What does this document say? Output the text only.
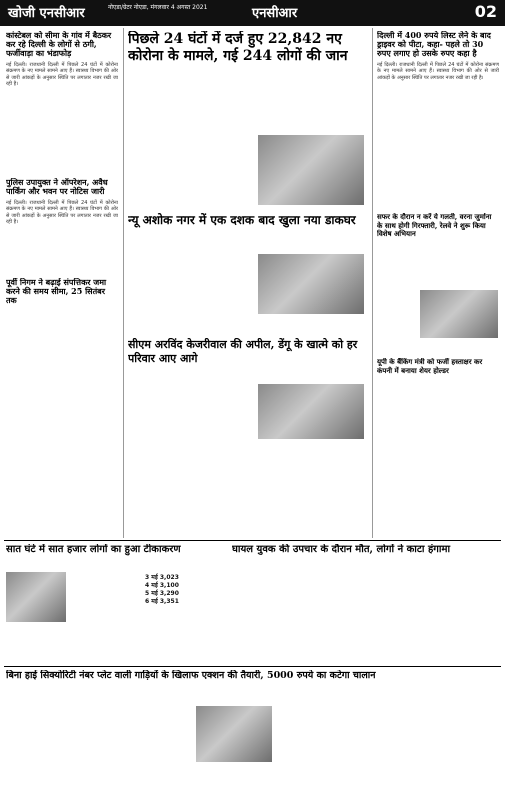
खोजी एनसीआर	नोएडा/ग्रेटर नोएडा, मंगलवार 4 अगस्त 2021	एनसीआर	02
कांस्टेबल को सीमा के गांव में बैठकर कर रहे दिल्ली के लोगों से ठगी, फर्जीवाड़ा का भंडाफोड़
नई दिल्ली। राजधानी दिल्ली में पिछले 24 घंटों में कोरोना संक्रमण के नए मामले सामने आए हैं। स्वास्थ्य विभाग की ओर से जारी आंकड़ों के अनुसार स्थिति पर लगातार नजर रखी जा रही है।
पिछले 24 घंटों में दर्ज हुए 22,842 नए कोरोना के मामले, गई 244 लोगों की जान
दिल्ली में 400 रुपये लिस्ट लेने के बाद ड्राइवर को पीटा, कहा- पहले तो 30 रुपए लगाए हो उसके रुपए कहा है
नई दिल्ली। राजधानी दिल्ली में पिछले 24 घंटों में कोरोना संक्रमण के नए मामले सामने आए हैं। स्वास्थ्य विभाग की ओर से जारी आंकड़ों के अनुसार स्थिति पर लगातार नजर रखी जा रही है।
पुलिस उपायुक्त ने ऑपरेशन, अवैध पार्किंग और भवन पर नोटिस जारी
नई दिल्ली। राजधानी दिल्ली में पिछले 24 घंटों में कोरोना संक्रमण के नए मामले सामने आए हैं। स्वास्थ्य विभाग की ओर से जारी आंकड़ों के अनुसार स्थिति पर लगातार नजर रखी जा रही है।	न्यू अशोक नगर में एक दशक बाद खुला नया डाकघर	सफर के दौरान न करें ये गलती, वरना जुर्माना के साथ होगी गिरफ्तारी, रेलवे ने शुरू किया विशेष अभियान
पूर्वी निगम ने बढ़ाई संपत्तिकर जमा करने की समय सीमा, 25 सितंबर तक
सीएम अरविंद केजरीवाल की अपील, डेंगू के खात्मे को हर परिवार आए आगे	यूपी के बैंकिंग मंत्री को फर्जी हस्ताक्षर कर कंपनी में बनाया शेयर होल्डर
सात घंटे में सात हजार लोगों का हुआ टीकाकरण
3 मई 3,023
4 मई 3,100
5 मई 3,290
6 मई 3,351
घायल युवक की उपचार के दौरान मौत, लोगों ने काटा हंगामा
बिना हाई सिक्योरिटी नंबर प्लेट वाली गाड़ियों के खिलाफ एक्शन की तैयारी, 5000 रुपये का कटेगा चालान
